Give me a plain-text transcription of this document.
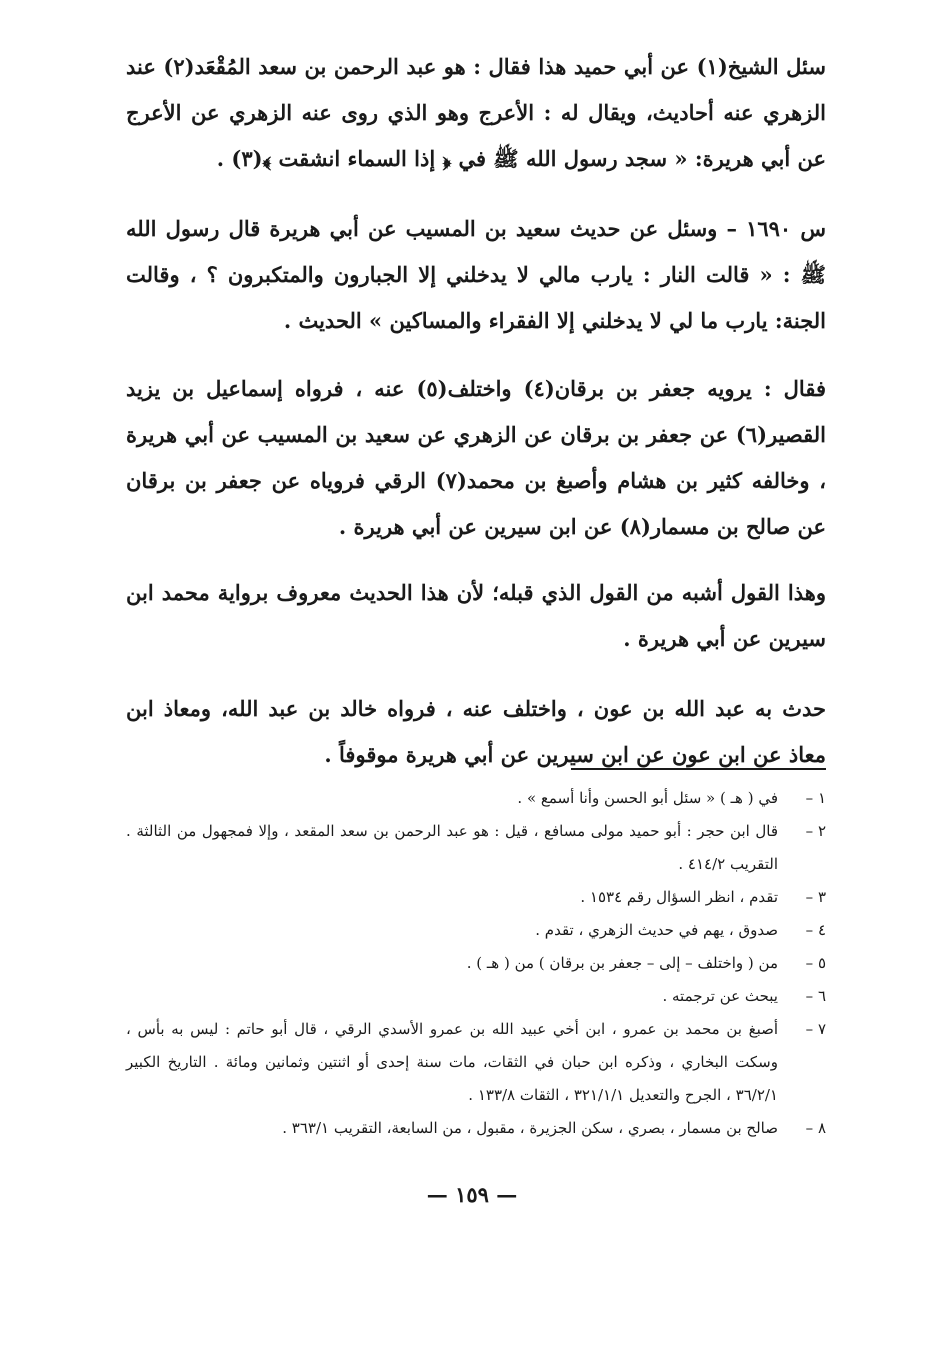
سئل الشيخ(١) عن أبي حميد هذا فقال : هو عبد الرحمن بن سعد المُقْعَد(٢) عند الزهري عنه أحاديث، ويقال له : الأعرج وهو الذي روى عنه الزهري عن الأعرج عن أبي هريرة: « سجد رسول الله ﷺ في ﴿ إذا السماء انشقت ﴾(٣) .

س ١٦٩٠ – وسئل عن حديث سعيد بن المسيب عن أبي هريرة قال رسول الله ﷺ : « قالت النار : يارب مالي لا يدخلني إلا الجبارون والمتكبرون ؟ ، وقالت الجنة: يارب ما لي لا يدخلني إلا الفقراء والمساكين » الحديث .

فقال : يرويه جعفر بن برقان(٤) واختلف(٥) عنه ، فرواه إسماعيل بن يزيد القصير(٦) عن جعفر بن برقان عن الزهري عن سعيد بن المسيب عن أبي هريرة ، وخالفه كثير بن هشام وأصبغ بن محمد(٧) الرقي فروياه عن جعفر بن برقان عن صالح بن مسمار(٨) عن ابن سيرين عن أبي هريرة .

وهذا القول أشبه من القول الذي قبله؛ لأن هذا الحديث معروف برواية محمد ابن سيرين عن أبي هريرة .

حدث به عبد الله بن عون ، واختلف عنه ، فرواه خالد بن عبد الله، ومعاذ ابن معاذ عن ابن عون عن ابن سيرين عن أبي هريرة موقوفاً .

١ –
في ( هـ ) « سئل أبو الحسن وأنا أسمع » .
٢ –
قال ابن حجر : أبو حميد مولى مسافع ، قيل : هو عبد الرحمن بن سعد المقعد ، وإلا فمجهول من الثالثة . التقريب ٤١٤/٢ .
٣ –
تقدم ، انظر السؤال رقم ١٥٣٤ .
٤ –
صدوق ، يهم في حديث الزهري ، تقدم .
٥ –
من ( واختلف – إلى – جعفر بن برقان ) من ( هـ ) .
٦ –
يبحث عن ترجمته .
٧ –
أصبغ بن محمد بن عمرو ، ابن أخي عبيد الله بن عمرو الأسدي الرقي ، قال أبو حاتم : ليس به بأس ، وسكت البخاري ، وذكره ابن حبان في الثقات، مات سنة إحدى أو اثنتين وثمانين ومائة . التاريخ الكبير ٣٦/٢/١ ، الجرح والتعديل ٣٢١/١/١ ، الثقات ١٣٣/٨ .
٨ –
صالح بن مسمار ، بصري ، سكن الجزيرة ، مقبول ، من السابعة، التقريب ٣٦٣/١ .
— ١٥٩ —
